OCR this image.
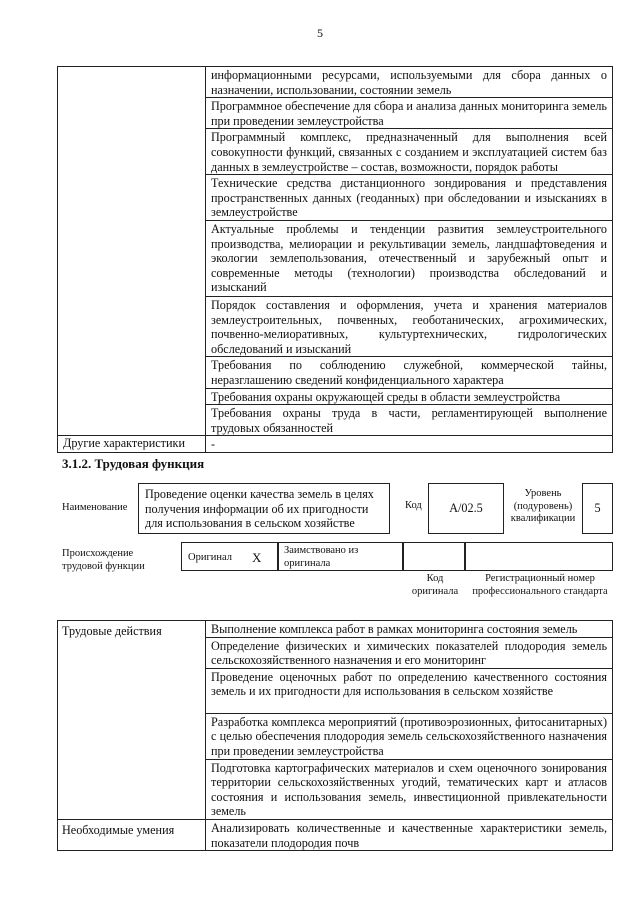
5
	информационными ресурсами, используемыми для сбора данных о назначении, использовании, состоянии земель
	Программное обеспечение для сбора и анализа данных мониторинга земель при проведении землеустройства
	Программный комплекс, предназначенный для выполнения всей совокупности функций, связанных с созданием и эксплуатацией систем баз данных в землеустройстве – состав, возможности, порядок работы
	Технические средства дистанционного зондирования и представления пространственных данных (геоданных) при обследовании и изысканиях в землеустройстве
	Актуальные проблемы и тенденции развития землеустроительного производства, мелиорации и рекультивации земель, ландшафтоведения и экологии землепользования, отечественный и зарубежный опыт и современные методы (технологии) производства обследований и изысканий
	Порядок составления и оформления, учета и хранения материалов землеустроительных, почвенных, геоботанических, агрохимических, почвенно-мелиоративных, культуртехнических, гидрологических обследований и изысканий
	Требования по соблюдению служебной, коммерческой тайны, неразглашению сведений конфиденциального характера
	Требования охраны окружающей среды в области землеустройства
	Требования охраны труда в части, регламентирующей выполнение трудовых обязанностей
Другие характеристики	-
3.1.2. Трудовая функция
Наименование
Проведение оценки качества земель в целях получения информации об их пригодности для использования в сельском хозяйстве
Код	A/02.5
Уровень (подуровень) квалификации
5
Происхождение трудовой функции
Оригинал X Заимствовано из оригинала
Код оригинала
Регистрационный номер профессионального стандарта
Трудовые действия	Выполнение комплекса работ в рамках мониторинга состояния земель
	Определение физических и химических показателей плодородия земель сельскохозяйственного назначения и его мониторинг
	Проведение оценочных работ по определению качественного состояния земель и их пригодности для использования в сельском хозяйстве
	Разработка комплекса мероприятий (противоэрозионных, фитосанитарных) с целью обеспечения плодородия земель сельскохозяйственного назначения при проведении землеустройства
	Подготовка картографических материалов и схем оценочного зонирования территории сельскохозяйственных угодий, тематических карт и атласов состояния и использования земель, инвестиционной привлекательности земель
Необходимые умения	Анализировать количественные и качественные характеристики земель, показатели плодородия почв
